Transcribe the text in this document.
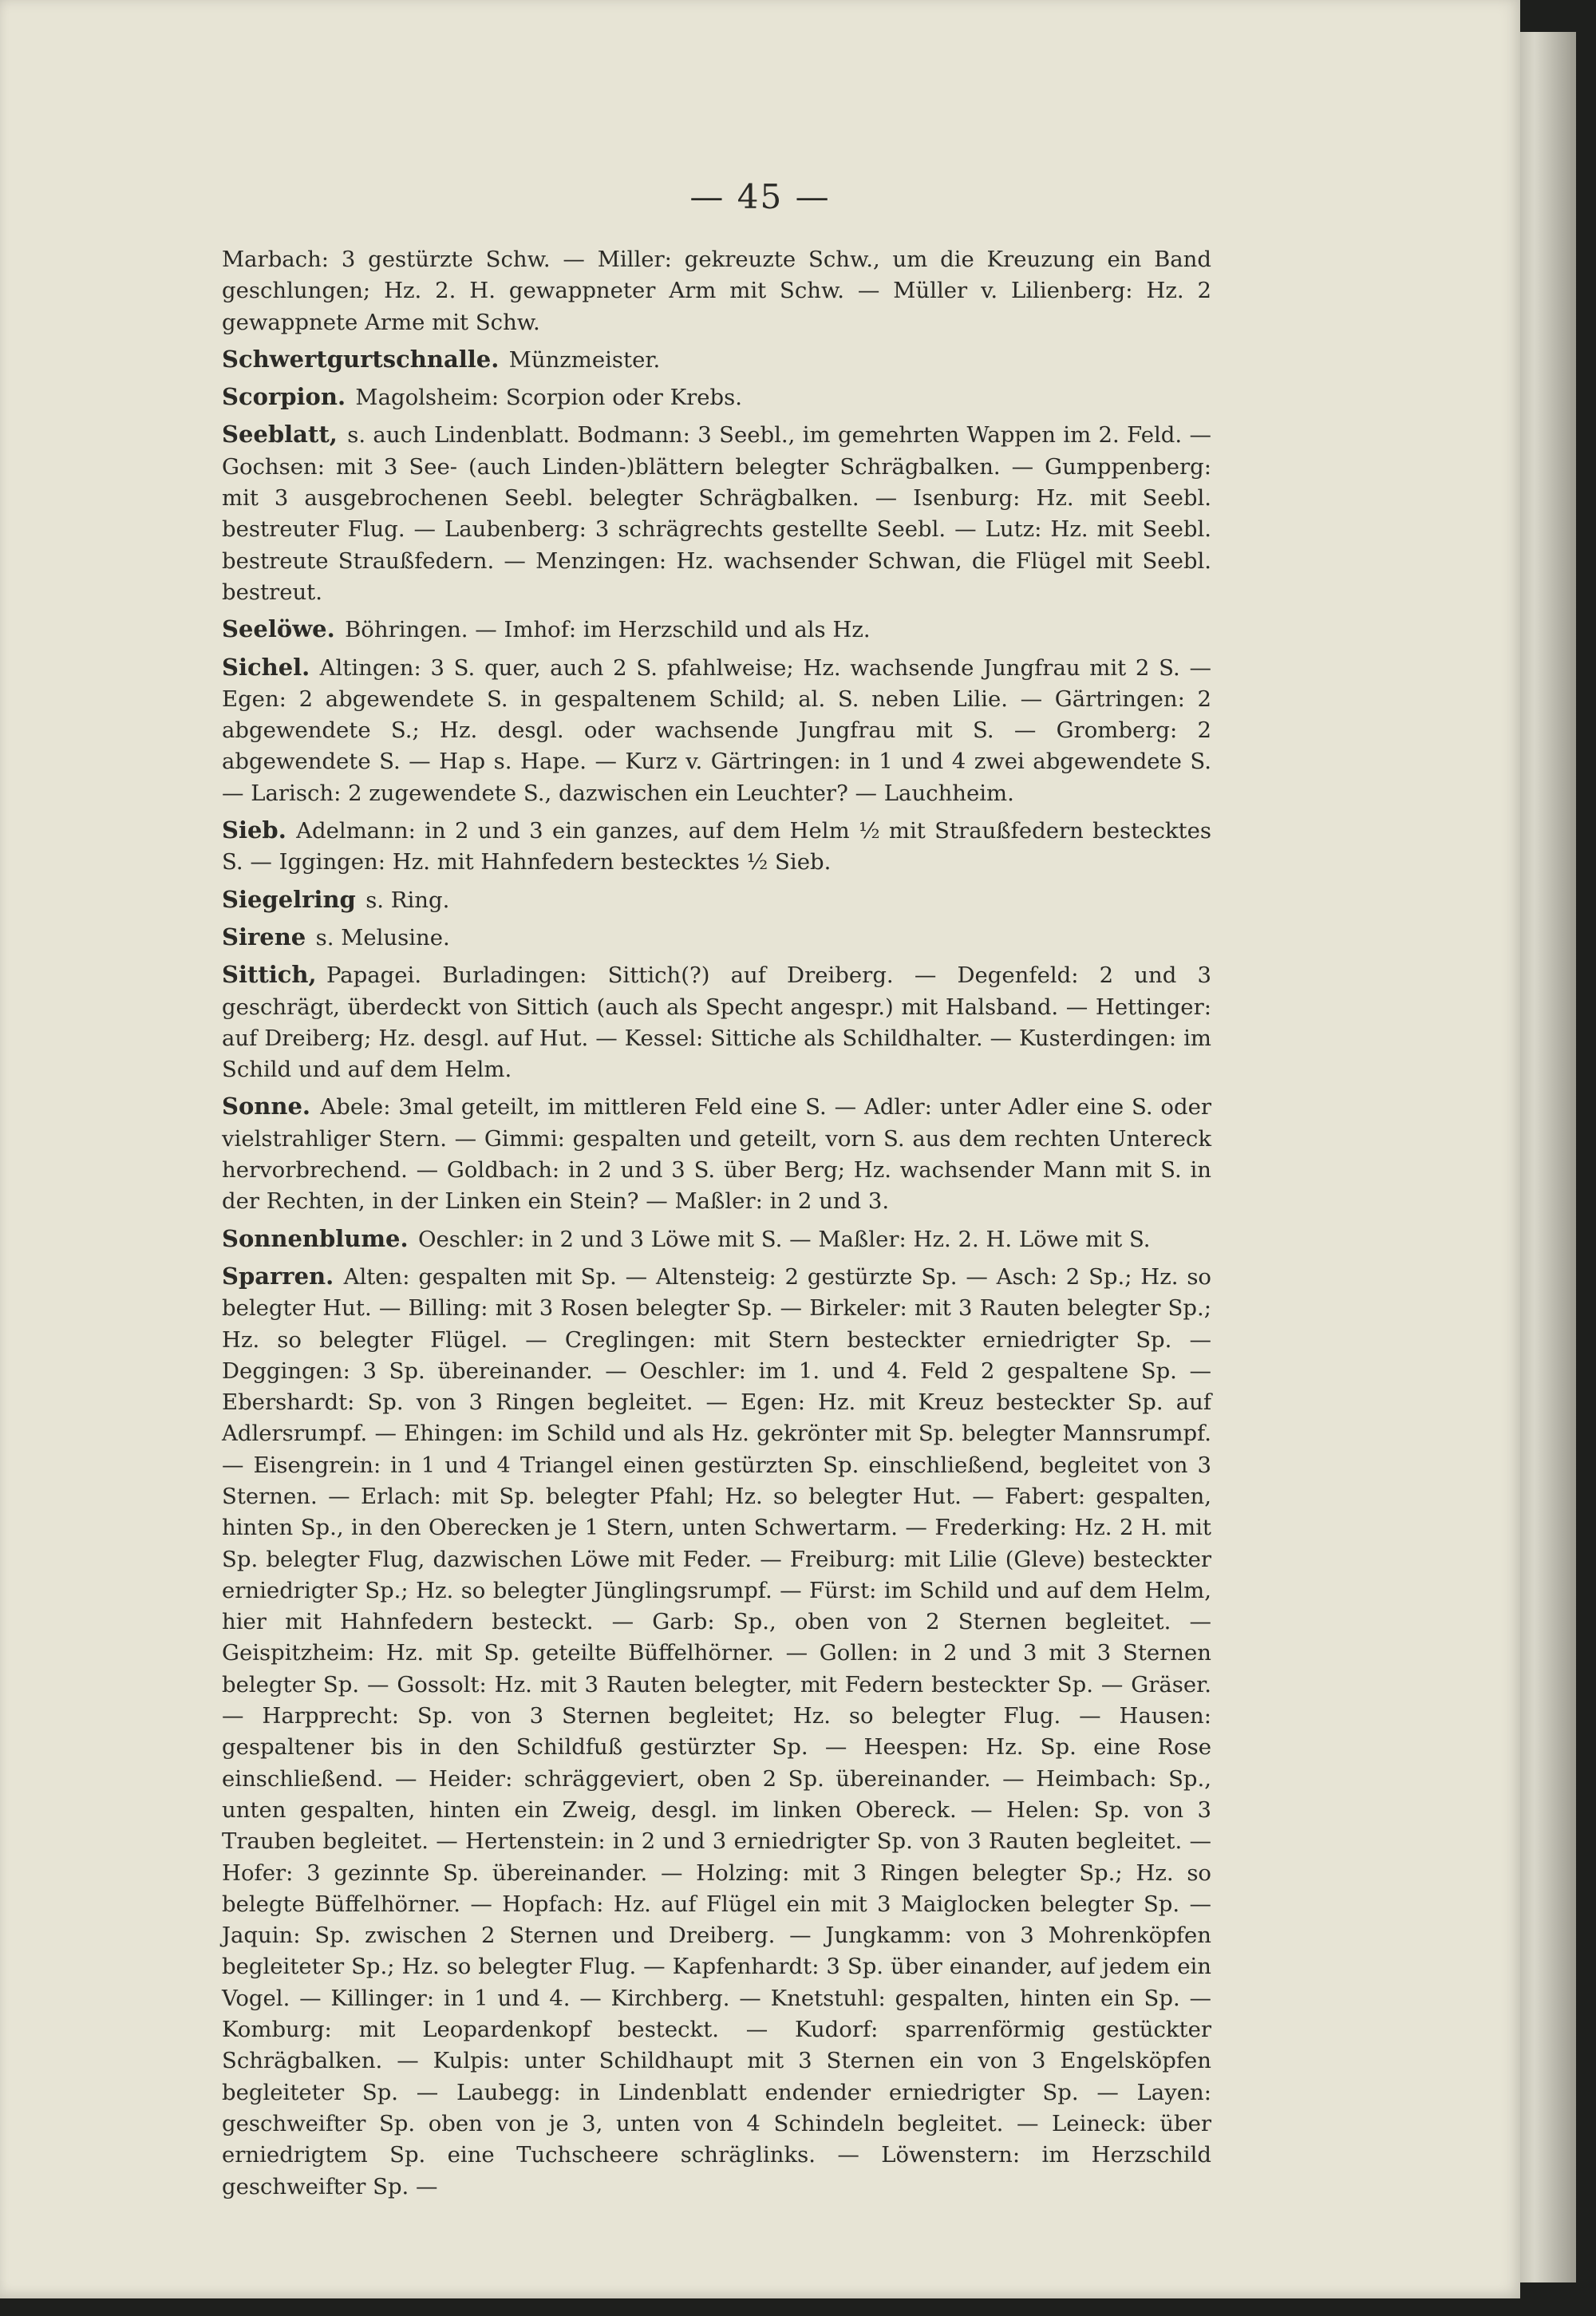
— 45 —

Marbach: 3 gestürzte Schw. — Miller: gekreuzte Schw., um die Kreuzung ein Band geschlungen; Hz. 2. H. gewappneter Arm mit Schw. — Müller v. Lilienberg: Hz. 2 gewappnete Arme mit Schw.

Schwertgurtschnalle. Münzmeister.

Scorpion. Magolsheim: Scorpion oder Krebs.

Seeblatt, s. auch Lindenblatt. Bodmann: 3 Seebl., im gemehrten Wappen im 2. Feld. — Gochsen: mit 3 See- (auch Linden-)blättern belegter Schrägbalken. — Gumppenberg: mit 3 ausgebrochenen Seebl. belegter Schrägbalken. — Isenburg: Hz. mit Seebl. bestreuter Flug. — Laubenberg: 3 schrägrechts gestellte Seebl. — Lutz: Hz. mit Seebl. bestreute Straußfedern. — Menzingen: Hz. wachsender Schwan, die Flügel mit Seebl. bestreut.

Seelöwe. Böhringen. — Imhof: im Herzschild und als Hz.

Sichel. Altingen: 3 S. quer, auch 2 S. pfahlweise; Hz. wachsende Jungfrau mit 2 S. — Egen: 2 abgewendete S. in gespaltenem Schild; al. S. neben Lilie. — Gärtringen: 2 abgewendete S.; Hz. desgl. oder wachsende Jungfrau mit S. — Gromberg: 2 abgewendete S. — Hap s. Hape. — Kurz v. Gärtringen: in 1 und 4 zwei abgewendete S. — Larisch: 2 zugewendete S., dazwischen ein Leuchter? — Lauchheim.

Sieb. Adelmann: in 2 und 3 ein ganzes, auf dem Helm ½ mit Straußfedern bestecktes S. — Iggingen: Hz. mit Hahnfedern bestecktes ½ Sieb.

Siegelring s. Ring.

Sirene s. Melusine.

Sittich, Papagei. Burladingen: Sittich(?) auf Dreiberg. — Degenfeld: 2 und 3 geschrägt, überdeckt von Sittich (auch als Specht angespr.) mit Halsband. — Hettinger: auf Dreiberg; Hz. desgl. auf Hut. — Kessel: Sittiche als Schildhalter. — Kusterdingen: im Schild und auf dem Helm.

Sonne. Abele: 3mal geteilt, im mittleren Feld eine S. — Adler: unter Adler eine S. oder vielstrahliger Stern. — Gimmi: gespalten und geteilt, vorn S. aus dem rechten Untereck hervorbrechend. — Goldbach: in 2 und 3 S. über Berg; Hz. wachsender Mann mit S. in der Rechten, in der Linken ein Stein? — Maßler: in 2 und 3.

Sonnenblume. Oeschler: in 2 und 3 Löwe mit S. — Maßler: Hz. 2. H. Löwe mit S.

Sparren. Alten: gespalten mit Sp. — Altensteig: 2 gestürzte Sp. — Asch: 2 Sp.; Hz. so belegter Hut. — Billing: mit 3 Rosen belegter Sp. — Birkeler: mit 3 Rauten belegter Sp.; Hz. so belegter Flügel. — Creglingen: mit Stern besteckter erniedrigter Sp. — Deggingen: 3 Sp. übereinander. — Oeschler: im 1. und 4. Feld 2 gespaltene Sp. — Ebershardt: Sp. von 3 Ringen begleitet. — Egen: Hz. mit Kreuz besteckter Sp. auf Adlersrumpf. — Ehingen: im Schild und als Hz. gekrönter mit Sp. belegter Mannsrumpf. — Eisengrein: in 1 und 4 Triangel einen gestürzten Sp. einschließend, begleitet von 3 Sternen. — Erlach: mit Sp. belegter Pfahl; Hz. so belegter Hut. — Fabert: gespalten, hinten Sp., in den Oberecken je 1 Stern, unten Schwertarm. — Frederking: Hz. 2 H. mit Sp. belegter Flug, dazwischen Löwe mit Feder. — Freiburg: mit Lilie (Gleve) besteckter erniedrigter Sp.; Hz. so belegter Jünglingsrumpf. — Fürst: im Schild und auf dem Helm, hier mit Hahnfedern besteckt. — Garb: Sp., oben von 2 Sternen begleitet. — Geispitzheim: Hz. mit Sp. geteilte Büffelhörner. — Gollen: in 2 und 3 mit 3 Sternen belegter Sp. — Gossolt: Hz. mit 3 Rauten belegter, mit Federn besteckter Sp. — Gräser. — Harpprecht: Sp. von 3 Sternen begleitet; Hz. so belegter Flug. — Hausen: gespaltener bis in den Schildfuß gestürzter Sp. — Heespen: Hz. Sp. eine Rose einschließend. — Heider: schräggeviert, oben 2 Sp. übereinander. — Heimbach: Sp., unten gespalten, hinten ein Zweig, desgl. im linken Obereck. — Helen: Sp. von 3 Trauben begleitet. — Hertenstein: in 2 und 3 erniedrigter Sp. von 3 Rauten begleitet. — Hofer: 3 gezinnte Sp. übereinander. — Holzing: mit 3 Ringen belegter Sp.; Hz. so belegte Büffelhörner. — Hopfach: Hz. auf Flügel ein mit 3 Maiglocken belegter Sp. — Jaquin: Sp. zwischen 2 Sternen und Dreiberg. — Jungkamm: von 3 Mohrenköpfen begleiteter Sp.; Hz. so belegter Flug. — Kapfenhardt: 3 Sp. über einander, auf jedem ein Vogel. — Killinger: in 1 und 4. — Kirchberg. — Knetstuhl: gespalten, hinten ein Sp. — Komburg: mit Leopardenkopf besteckt. — Kudorf: sparrenförmig gestückter Schrägbalken. — Kulpis: unter Schildhaupt mit 3 Sternen ein von 3 Engelsköpfen begleiteter Sp. — Laubegg: in Lindenblatt endender erniedrigter Sp. — Layen: geschweifter Sp. oben von je 3, unten von 4 Schindeln begleitet. — Leineck: über erniedrigtem Sp. eine Tuchscheere schräglinks. — Löwenstern: im Herzschild geschweifter Sp. —
